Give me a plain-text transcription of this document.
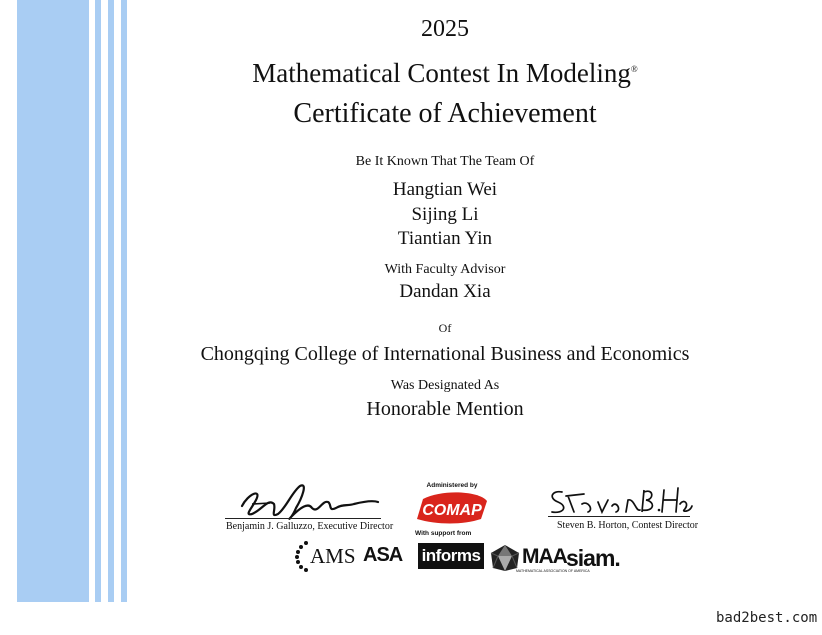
2025
Mathematical Contest In Modeling®
Certificate of Achievement
Be It Known That The Team Of
Hangtian Wei
Sijing Li
Tiantian Yin
With Faculty Advisor
Dandan Xia
Of
Chongqing College of International Business and Economics
Was Designated As
Honorable Mention
Benjamin J. Galluzzo, Executive Director
Administered by
COMAP
With support from
Steven B. Horton, Contest Director
AMS ASA informs MAA
MATHEMATICAL ASSOCIATION OF AMERICA
siam.
bad2best.com
